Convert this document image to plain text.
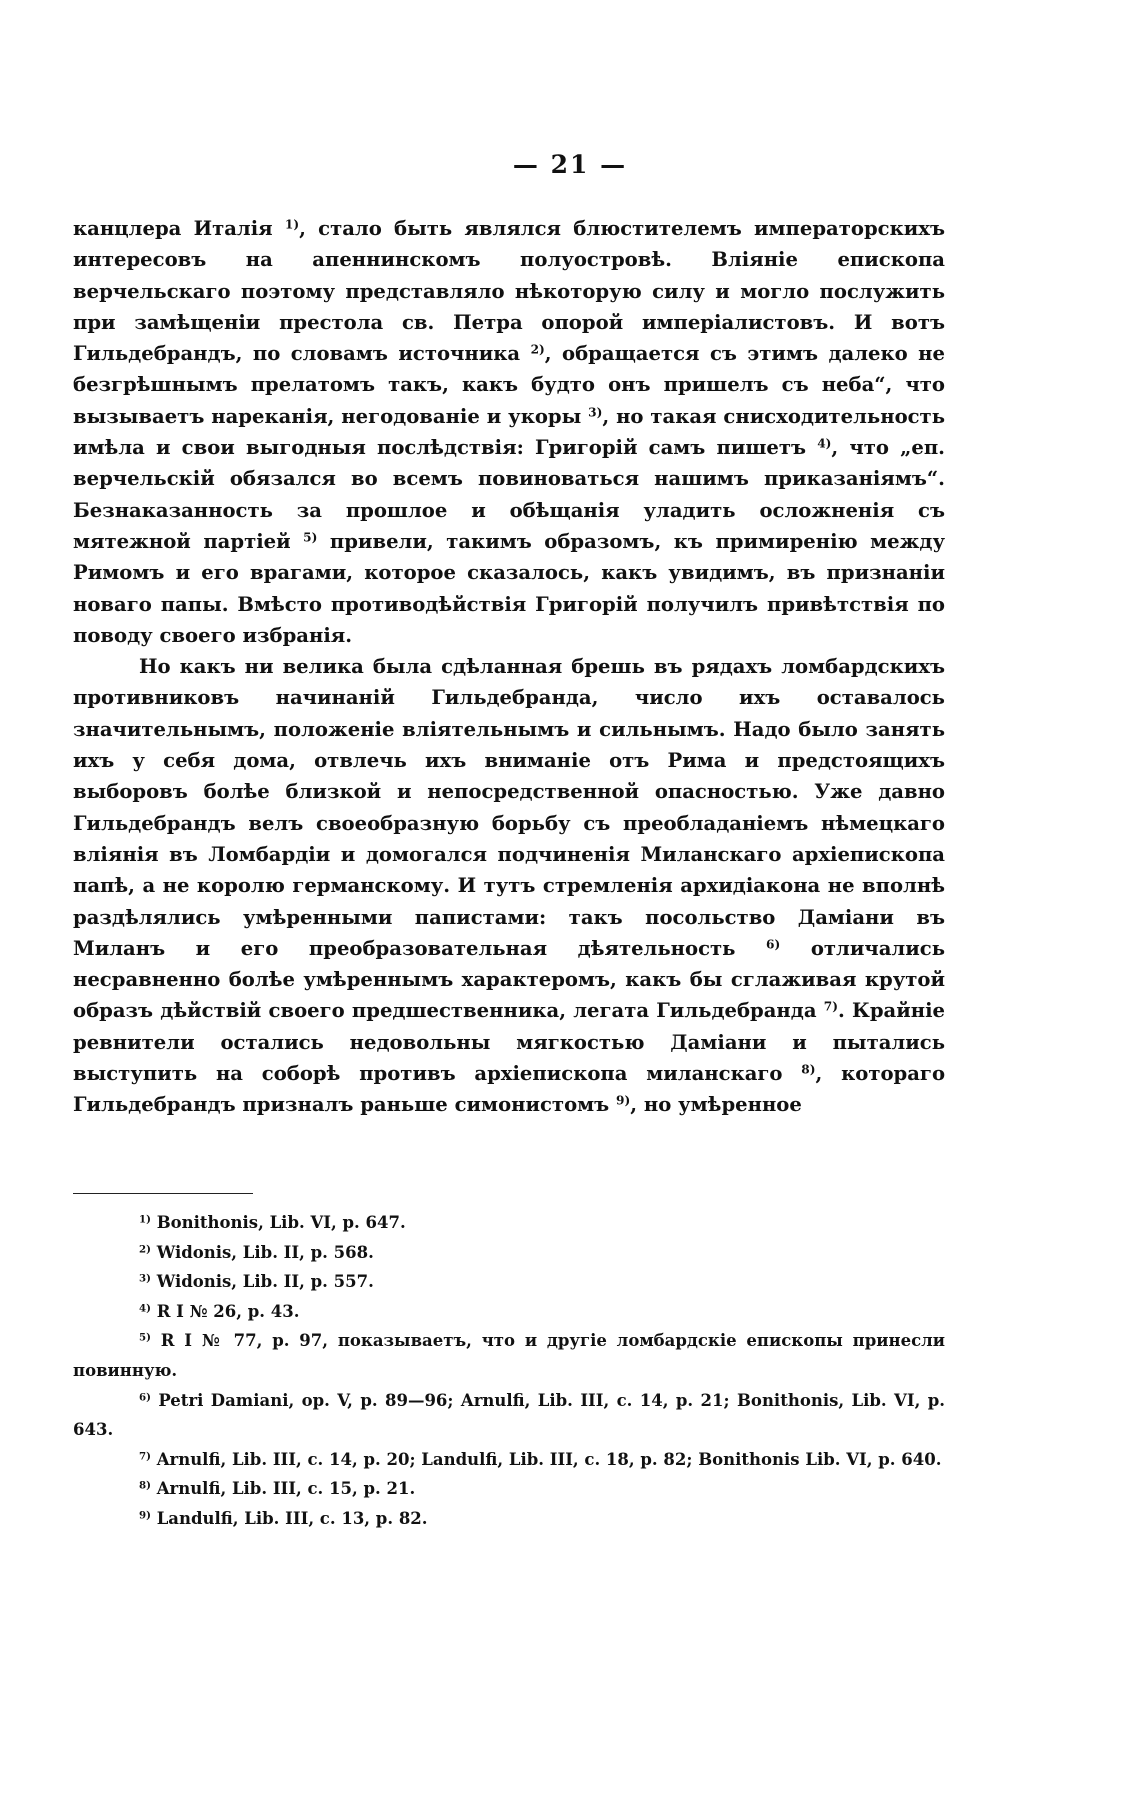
— 21 —

канцлера Италія $^{1)}$, стало быть являлся блюстителемъ императорскихъ интересовъ на апеннинскомъ полуостровѣ. Вліяніе епископа верчельскаго поэтому представляло нѣкоторую силу и могло послужить при замѣщеніи престола св. Петра опорой имперіалистовъ. И вотъ Гильдебрандъ, по словамъ источника $^{2)}$, обращается съ этимъ далеко не безгрѣшнымъ прелатомъ такъ, какъ будто онъ пришелъ съ неба“, что вызываетъ нареканія, негодованіе и укоры $^{3)}$, но такая снисходительность имѣла и свои выгодныя послѣдствія: Григорій самъ пишетъ $^{4)}$, что „еп. верчельскій обязался во всемъ повиноваться нашимъ приказаніямъ“. Безнаказанность за прошлое и обѣщанія уладить осложненія съ мятежной партіей $^{5)}$ привели, такимъ образомъ, къ примиренію между Римомъ и его врагами, которое сказалось, какъ увидимъ, въ признаніи новаго папы. Вмѣсто противодѣйствія Григорій получилъ привѣтствія по поводу своего избранія.

Но какъ ни велика была сдѣланная брешь въ рядахъ ломбардскихъ противниковъ начинаній Гильдебранда, число ихъ оставалось значительнымъ, положеніе вліятельнымъ и сильнымъ. Надо было занять ихъ у себя дома, отвлечь ихъ вниманіе отъ Рима и предстоящихъ выборовъ болѣе близкой и непосредственной опасностью. Уже давно Гильдебрандъ велъ своеобразную борьбу съ преобладаніемъ нѣмецкаго вліянія въ Ломбардіи и домогался подчиненія Миланскаго архіепископа папѣ, а не королю германскому. И тутъ стремленія архидіакона не вполнѣ раздѣлялись умѣренными папистами: такъ посольство Даміани въ Миланъ и его преобразовательная дѣятельность $^{6)}$ отличались несравненно болѣе умѣреннымъ характеромъ, какъ бы сглаживая крутой образъ дѣйствій своего предшественника, легата Гильдебранда $^{7)}$. Крайніе ревнители остались недовольны мягкостью Даміани и пытались выступить на соборѣ противъ архіепископа миланскаго $^{8)}$, котораго Гильдебрандъ призналъ раньше симонистомъ $^{9)}$, но умѣренное

$^{1)}$ Bonithonis, Lib. VI, p. 647.

$^{2)}$ Widonis, Lib. II, p. 568.

$^{3)}$ Widonis, Lib. II, p. 557.

$^{4)}$ R I № 26, p. 43.

$^{5)}$ R I № 77, p. 97, показываетъ, что и другіе ломбардскіе епископы принесли повинную.

$^{6)}$ Petri Damiani, op. V, p. 89—96; Arnulfi, Lib. III, c. 14, p. 21; Bonithonis, Lib. VI, p. 643.

$^{7)}$ Arnulfi, Lib. III, c. 14, p. 20; Landulfi, Lib. III, c. 18, p. 82; Bonithonis Lib. VI, p. 640.

$^{8)}$ Arnulfi, Lib. III, c. 15, p. 21.

$^{9)}$ Landulfi, Lib. III, c. 13, p. 82.
